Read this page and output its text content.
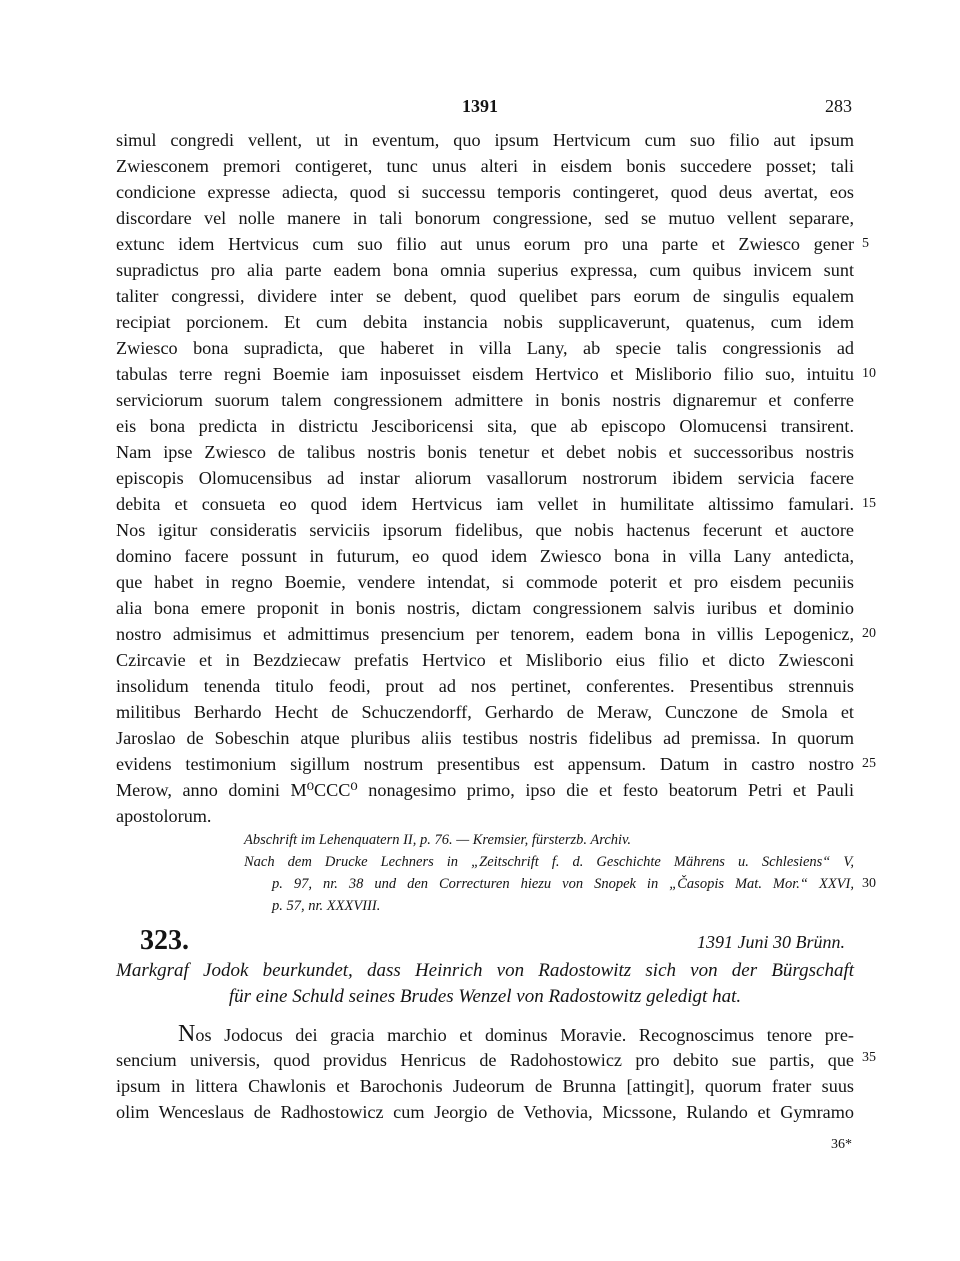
1391	283
simul congredi vellent, ut in eventum, quo ipsum Hertvicum cum suo filio aut ipsum
Zwiesconem premori contigeret, tunc unus alteri in eisdem bonis succedere posset; tali
condicione expresse adiecta, quod si successu temporis contingeret, quod deus avertat, eos
discordare vel nolle manere in tali bonorum congressione, sed se mutuo vellent separare,
extunc idem Hertvicus cum suo filio aut unus eorum pro una parte et Zwiesco gener
supradictus pro alia parte eadem bona omnia superius expressa, cum quibus invicem sunt
taliter congressi, dividere inter se debent, quod quelibet pars eorum de singulis equalem
recipiat porcionem. Et cum debita instancia nobis supplicaverunt, quatenus, cum idem
Zwiesco bona supradicta, que haberet in villa Lany, ab specie talis congressionis ad
tabulas terre regni Boemie iam inposuisset eisdem Hertvico et Misliborio filio suo, intuitu
serviciorum suorum talem congressionem admittere in bonis nostris dignaremur et conferre
eis bona predicta in districtu Jesciboricensi sita, que ab episcopo Olomucensi transirent.
Nam ipse Zwiesco de talibus nostris bonis tenetur et debet nobis et successoribus nostris
episcopis Olomucensibus ad instar aliorum vasallorum nostrorum ibidem servicia facere
debita et consueta eo quod idem Hertvicus iam vellet in humilitate altissimo famulari.
Nos igitur consideratis serviciis ipsorum fidelibus, que nobis hactenus fecerunt et auctore
domino facere possunt in futurum, eo quod idem Zwiesco bona in villa Lany antedicta,
que habet in regno Boemie, vendere intendat, si commode poterit et pro eisdem pecuniis
alia bona emere proponit in bonis nostris, dictam congressionem salvis iuribus et dominio
nostro admisimus et admittimus presencium per tenorem, eadem bona in villis Lepogenicz,
Czircavie et in Bezdziecaw prefatis Hertvico et Misliborio eius filio et dicto Zwiesconi
insolidum tenenda titulo feodi, prout ad nos pertinet, conferentes. Presentibus strennuis
militibus Berhardo Hecht de Schuczendorff, Gerhardo de Meraw, Cunczone de Smola et
Jaroslao de Sobeschin atque pluribus aliis testibus nostris fidelibus ad premissa. In quorum
evidens testimonium sigillum nostrum presentibus est appensum. Datum in castro nostro
Merow, anno domini M⁰CCC⁰ nonagesimo primo, ipso die et festo beatorum Petri et Pauli
apostolorum.
5
10
15
20
25
30
35
Abschrift im Lehenquatern II, p. 76. — Kremsier, fürsterzb. Archiv.
Nach dem Drucke Lechners in „Zeitschrift f. d. Geschichte Mährens u. Schlesiens“ V,
p. 97, nr. 38 und den Correcturen hiezu von Snopek in „Časopis Mat. Mor.“ XXVI,
p. 57, nr. XXXVIII.
323.	1391 Juni 30 Brünn.
Markgraf Jodok beurkundet, dass Heinrich von Radostowitz sich von der Bürgschaft
für eine Schuld seines Brudes Wenzel von Radostowitz geledigt hat.
Nos Jodocus dei gracia marchio et dominus Moravie. Recognoscimus tenore pre-
sencium universis, quod providus Henricus de Radohostowicz pro debito sue partis, que
ipsum in littera Chawlonis et Barochonis Judeorum de Brunna [attingit], quorum frater suus
olim Wenceslaus de Radhostowicz cum Jeorgio de Vethovia, Micssone, Rulando et Gymramo
36*
